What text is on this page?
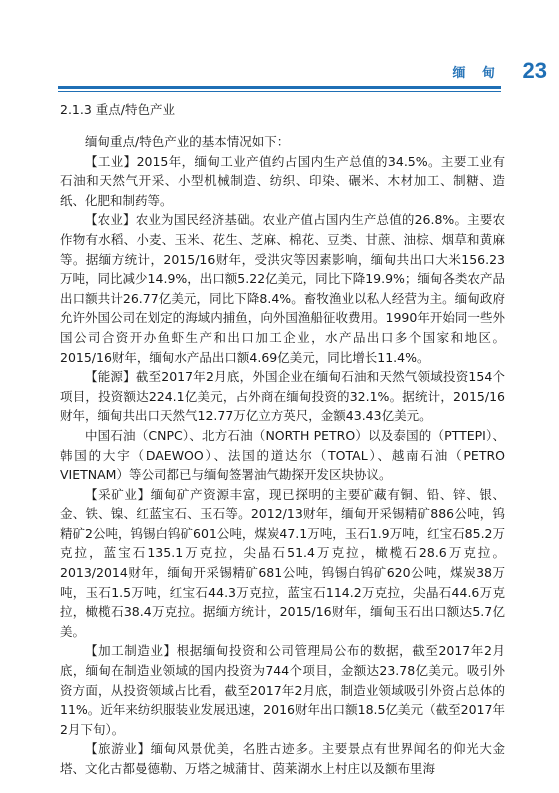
缅 甸 23
2.1.3 重点/特色产业

缅甸重点/特色产业的基本情况如下：

【工业】2015年，缅甸工业产值约占国内生产总值的34.5%。主要工业有石油和天然气开采、小型机械制造、纺织、印染、碾米、木材加工、制糖、造纸、化肥和制药等。

【农业】农业为国民经济基础。农业产值占国内生产总值的26.8%。主要农作物有水稻、小麦、玉米、花生、芝麻、棉花、豆类、甘蔗、油棕、烟草和黄麻等。据缅方统计，2015/16财年，受洪灾等因素影响，缅甸共出口大米156.23万吨，同比减少14.9%，出口额5.22亿美元，同比下降19.9%；缅甸各类农产品出口额共计26.77亿美元，同比下降8.4%。畜牧渔业以私人经营为主。缅甸政府允许外国公司在划定的海域内捕鱼，向外国渔船征收费用。1990年开始同一些外国公司合资开办鱼虾生产和出口加工企业，水产品出口多个国家和地区。2015/16财年，缅甸水产品出口额4.69亿美元，同比增长11.4%。

【能源】截至2017年2月底，外国企业在缅甸石油和天然气领域投资154个项目，投资额达224.1亿美元，占外商在缅甸投资的32.1%。据统计，2015/16财年，缅甸共出口天然气12.77万亿立方英尺，金额43.43亿美元。

中国石油（CNPC）、北方石油（NORTH PETRO）以及泰国的（PTTEPI）、韩国的大宇（DAEWOO）、法国的道达尔（TOTAL）、越南石油（PETRO VIETNAM）等公司都已与缅甸签署油气勘探开发区块协议。

【采矿业】缅甸矿产资源丰富，现已探明的主要矿藏有铜、铅、锌、银、金、铁、镍、红蓝宝石、玉石等。2012/13财年，缅甸开采锡精矿886公吨，钨精矿2公吨，钨锡白钨矿601公吨，煤炭47.1万吨，玉石1.9万吨，红宝石85.2万克拉，蓝宝石135.1万克拉，尖晶石51.4万克拉，橄榄石28.6万克拉。2013/2014财年，缅甸开采锡精矿681公吨，钨锡白钨矿620公吨，煤炭38万吨，玉石1.5万吨，红宝石44.3万克拉，蓝宝石114.2万克拉，尖晶石44.6万克拉，橄榄石38.4万克拉。据缅方统计，2015/16财年，缅甸玉石出口额达5.7亿美。

【加工制造业】根据缅甸投资和公司管理局公布的数据，截至2017年2月底，缅甸在制造业领域的国内投资为744个项目，金额达23.78亿美元。吸引外资方面，从投资领域占比看，截至2017年2月底，制造业领域吸引外资占总体的11%。近年来纺织服装业发展迅速，2016财年出口额18.5亿美元（截至2017年2月下旬）。

【旅游业】缅甸风景优美，名胜古迹多。主要景点有世界闻名的仰光大金塔、文化古都曼德勒、万塔之城蒲甘、茵莱湖水上村庄以及额布里海
